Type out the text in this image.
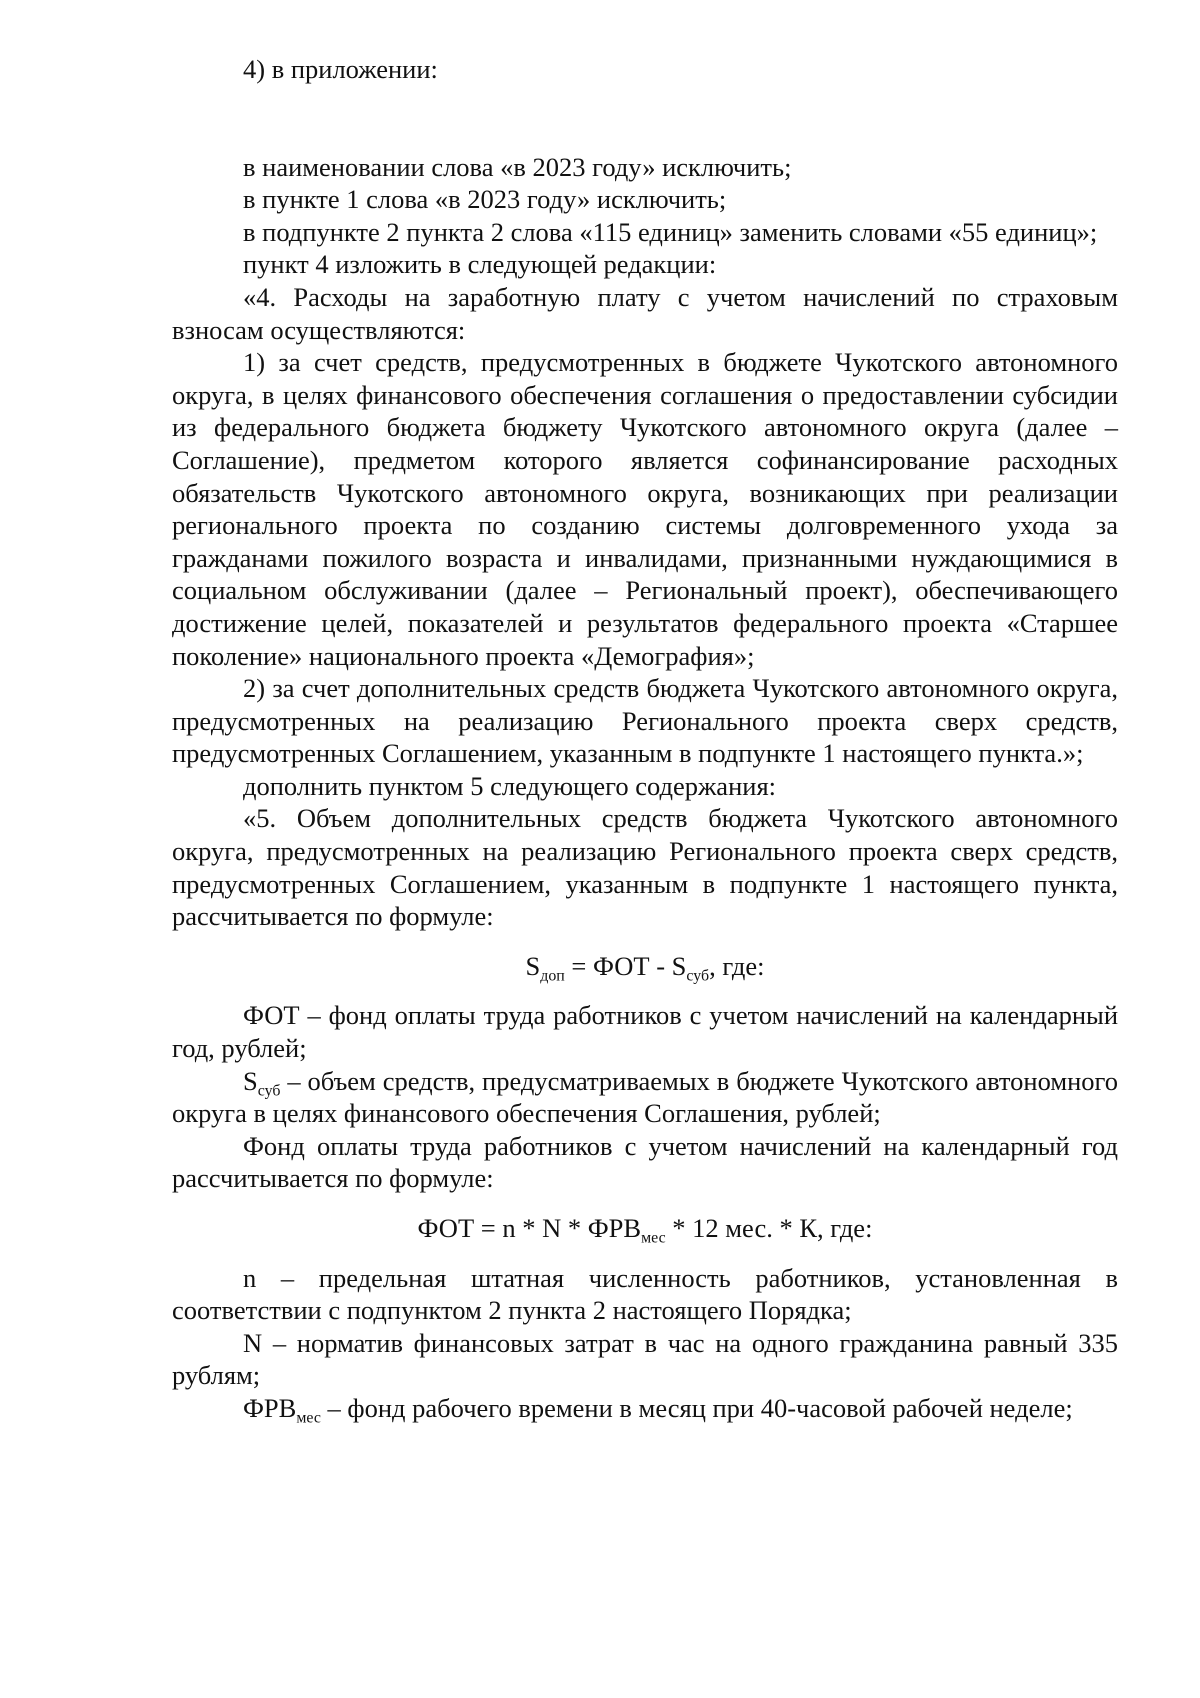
4) в приложении:

в наименовании слова «в 2023 году» исключить;

в пункте 1 слова «в 2023 году» исключить;

в подпункте 2 пункта 2 слова «115 единиц» заменить словами «55 единиц»;

пункт 4 изложить в следующей редакции:

«4. Расходы на заработную плату с учетом начислений по страховым взносам осуществляются:

1) за счет средств, предусмотренных в бюджете Чукотского автономного округа, в целях финансового обеспечения соглашения о предоставлении субсидии из федерального бюджета бюджету Чукотского автономного округа (далее – Соглашение), предметом которого является софинансирование расходных обязательств Чукотского автономного округа, возникающих при реализации регионального проекта по созданию системы долговременного ухода за гражданами пожилого возраста и инвалидами, признанными нуждающимися в социальном обслуживании (далее – Региональный проект), обеспечивающего достижение целей, показателей и результатов федерального проекта «Старшее поколение» национального проекта «Демография»;

2) за счет дополнительных средств бюджета Чукотского автономного округа, предусмотренных на реализацию Регионального проекта сверх средств, предусмотренных Соглашением, указанным в подпункте 1 настоящего пункта.»;

дополнить пунктом 5 следующего содержания:

«5. Объем дополнительных средств бюджета Чукотского автономного округа, предусмотренных на реализацию Регионального проекта сверх средств, предусмотренных Соглашением, указанным в подпункте 1 настоящего пункта, рассчитывается по формуле:

$S_{доп}$ = ФОТ - $S_{суб}$, где:

ФОТ – фонд оплаты труда работников с учетом начислений на календарный год, рублей;

$S_{суб}$ – объем средств, предусматриваемых в бюджете Чукотского автономного округа в целях финансового обеспечения Соглашения, рублей;

Фонд оплаты труда работников с учетом начислений на календарный год рассчитывается по формуле:

ФОТ = n * N * $ФРВ_{мес} * 12$ мес. * К, где:

n – предельная штатная численность работников, установленная в соответствии с подпунктом 2 пункта 2 настоящего Порядка;

N – норматив финансовых затрат в час на одного гражданина равный 335 рублям;

$ФРВ_{мес}$ – фонд рабочего времени в месяц при 40-часовой рабочей неделе;
